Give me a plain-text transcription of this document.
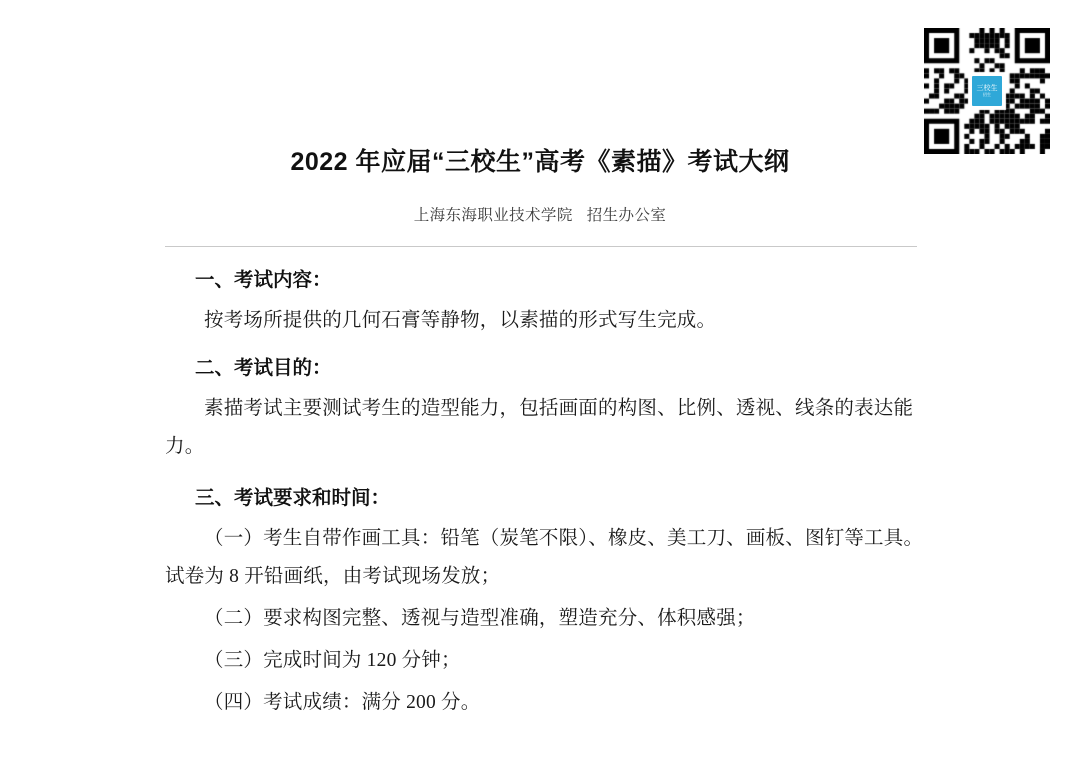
三校生
招生
2022 年应届“三校生”高考《素描》考试大纲
上海东海职业技术学院 招生办公室
一、考试内容：

按考场所提供的几何石膏等静物，以素描的形式写生完成。

二、考试目的：

素描考试主要测试考生的造型能力，包括画面的构图、比例、透视、线条的表达能力。

三、考试要求和时间：

（一）考生自带作画工具：铅笔（炭笔不限）、橡皮、美工刀、画板、图钉等工具。试卷为 8 开铅画纸，由考试现场发放；

（二）要求构图完整、透视与造型准确，塑造充分、体积感强；

（三）完成时间为 120 分钟；

（四）考试成绩：满分 200 分。
